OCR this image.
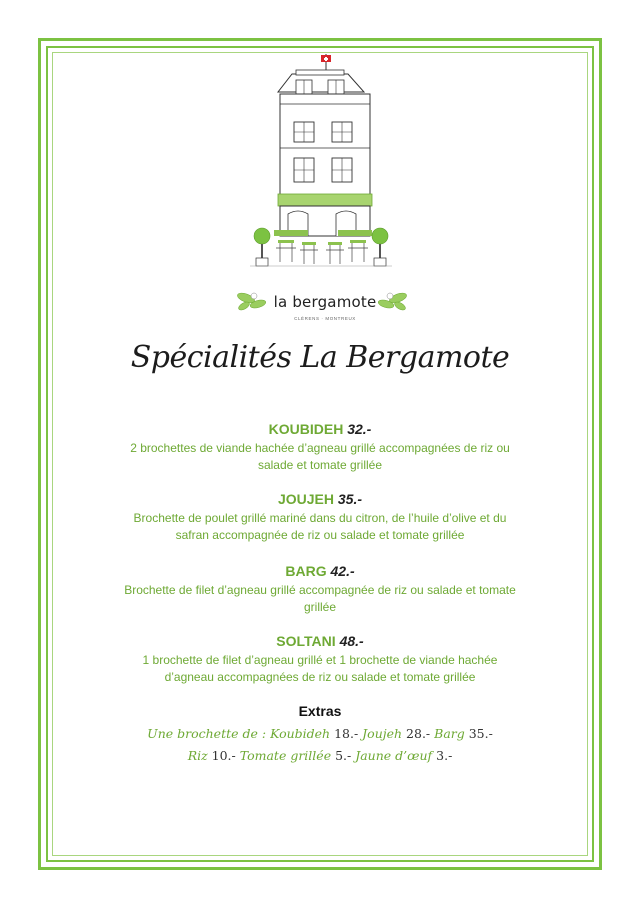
la bergamote
CLÉRENS · MONTREUX
Spécialités La Bergamote
KOUBIDEH 32.-
2 brochettes de viande hachée d’agneau grillé accompagnées de riz ou
salade et tomate grillée
JOUJEH 35.-
Brochette de poulet grillé mariné dans du citron, de l’huile d’olive et du
safran accompagnée de riz ou salade et tomate grillée
BARG 42.-
Brochette de filet d’agneau grillé accompagnée de riz ou salade et tomate
grillée
SOLTANI 48.-
1 brochette de filet d’agneau grillé et 1 brochette de viande hachée
d’agneau accompagnées de riz ou salade et tomate grillée
Extras
Une brochette de : Koubideh 18.- Joujeh 28.- Barg 35.-
Riz 10.- Tomate grillée 5.- Jaune d’œuf 3.-
